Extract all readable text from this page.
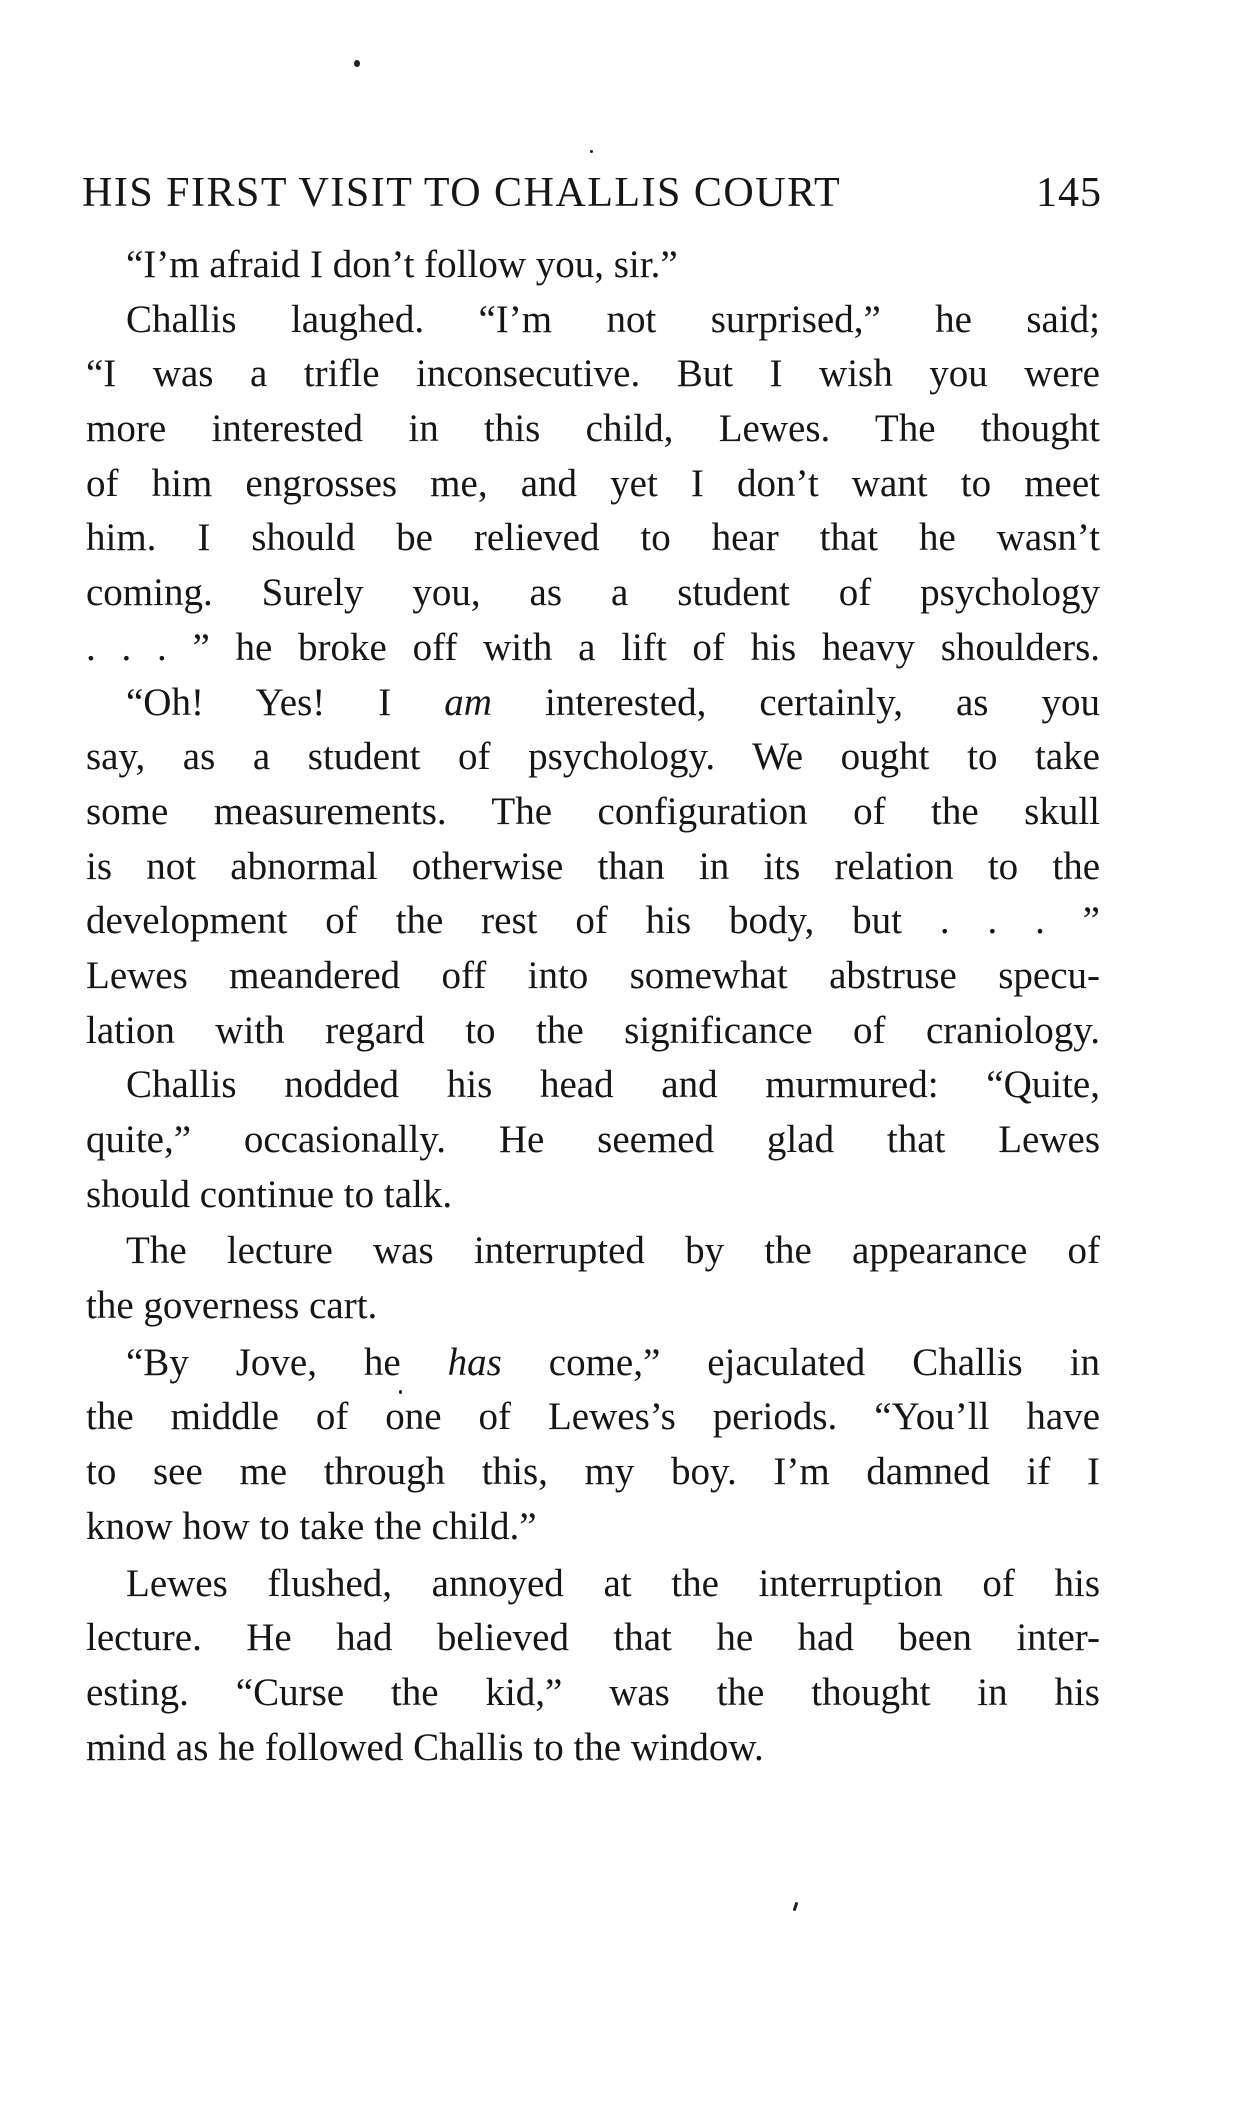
HIS FIRST VISIT TO CHALLIS COURT	145
“I’m afraid I don’t follow you, sir.”
Challis laughed. “I’m not surprised,” he said;
“I was a trifle inconsecutive. But I wish you were
more interested in this child, Lewes. The thought
of him engrosses me, and yet I don’t want to meet
him. I should be relieved to hear that he wasn’t
coming. Surely you, as a student of psychology
. . . ” he broke off with a lift of his heavy shoulders.
“Oh! Yes! I am interested, certainly, as you
say, as a student of psychology. We ought to take
some measurements. The configuration of the skull
is not abnormal otherwise than in its relation to the
development of the rest of his body, but . . . ”
Lewes meandered off into somewhat abstruse specu-
lation with regard to the significance of craniology.
Challis nodded his head and murmured: “Quite,
quite,” occasionally. He seemed glad that Lewes
should continue to talk.
The lecture was interrupted by the appearance of
the governess cart.
“By Jove, he has come,” ejaculated Challis in
the middle of one of Lewes’s periods. “You’ll have
to see me through this, my boy. I’m damned if I
know how to take the child.”
Lewes flushed, annoyed at the interruption of his
lecture. He had believed that he had been inter-
esting. “Curse the kid,” was the thought in his
mind as he followed Challis to the window.
